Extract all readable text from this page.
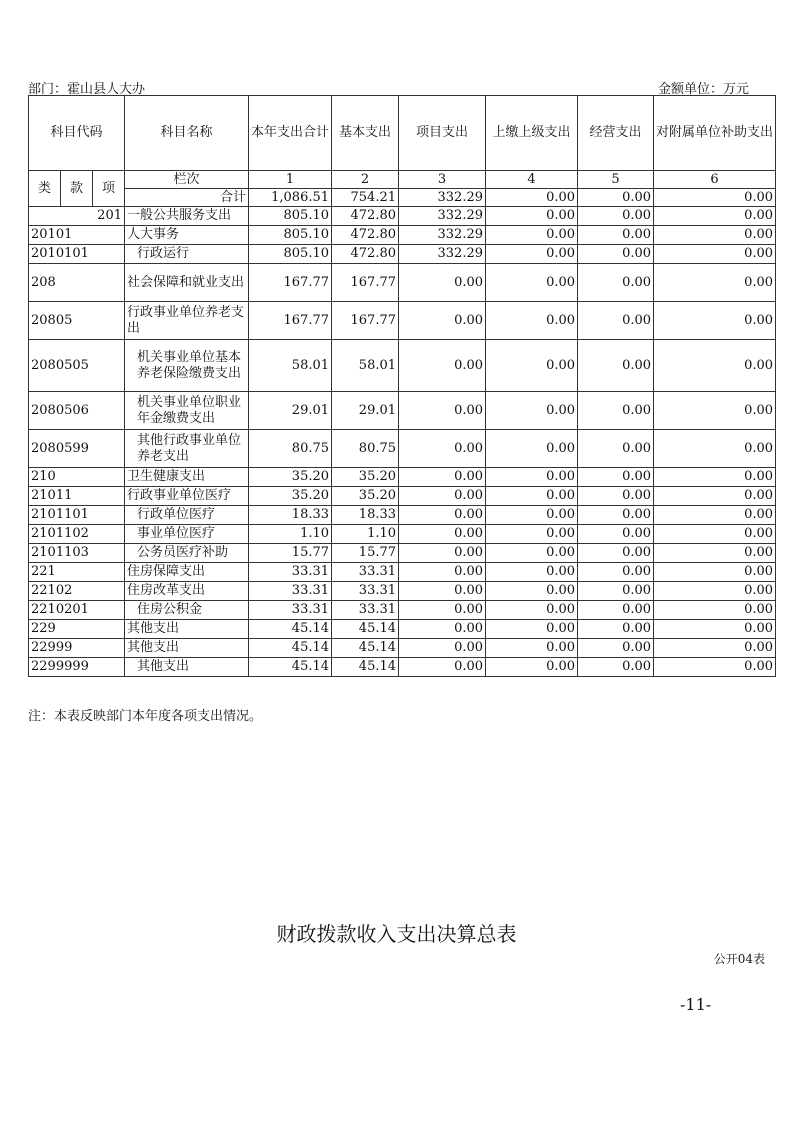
部门：霍山县人大办	金额单位：万元
科目代码			科目名称	本年支出合计	基本支出	项目支出	上缴上级支出	经营支出	对附属单位补助支出
类	款	项	栏次	1	2	3	4	5	6
			合计	1,086.51	754.21	332.29	0.00	0.00	0.00
201			一般公共服务支出	805.10	472.80	332.29	0.00	0.00	0.00
20101			人大事务	805.10	472.80	332.29	0.00	0.00	0.00
2010101			行政运行	805.10	472.80	332.29	0.00	0.00	0.00
208			社会保障和就业支出	167.77	167.77	0.00	0.00	0.00	0.00
20805			行政事业单位养老支出	167.77	167.77	0.00	0.00	0.00	0.00
2080505			机关事业单位基本养老保险缴费支出	58.01	58.01	0.00	0.00	0.00	0.00
2080506			机关事业单位职业年金缴费支出	29.01	29.01	0.00	0.00	0.00	0.00
2080599			其他行政事业单位养老支出	80.75	80.75	0.00	0.00	0.00	0.00
210			卫生健康支出	35.20	35.20	0.00	0.00	0.00	0.00
21011			行政事业单位医疗	35.20	35.20	0.00	0.00	0.00	0.00
2101101			行政单位医疗	18.33	18.33	0.00	0.00	0.00	0.00
2101102			事业单位医疗	1.10	1.10	0.00	0.00	0.00	0.00
2101103			公务员医疗补助	15.77	15.77	0.00	0.00	0.00	0.00
221			住房保障支出	33.31	33.31	0.00	0.00	0.00	0.00
22102			住房改革支出	33.31	33.31	0.00	0.00	0.00	0.00
2210201			住房公积金	33.31	33.31	0.00	0.00	0.00	0.00
229			其他支出	45.14	45.14	0.00	0.00	0.00	0.00
22999			其他支出	45.14	45.14	0.00	0.00	0.00	0.00
2299999			其他支出	45.14	45.14	0.00	0.00	0.00	0.00
注：本表反映部门本年度各项支出情况。
财政拨款收入支出决算总表
公开04表
-11-
